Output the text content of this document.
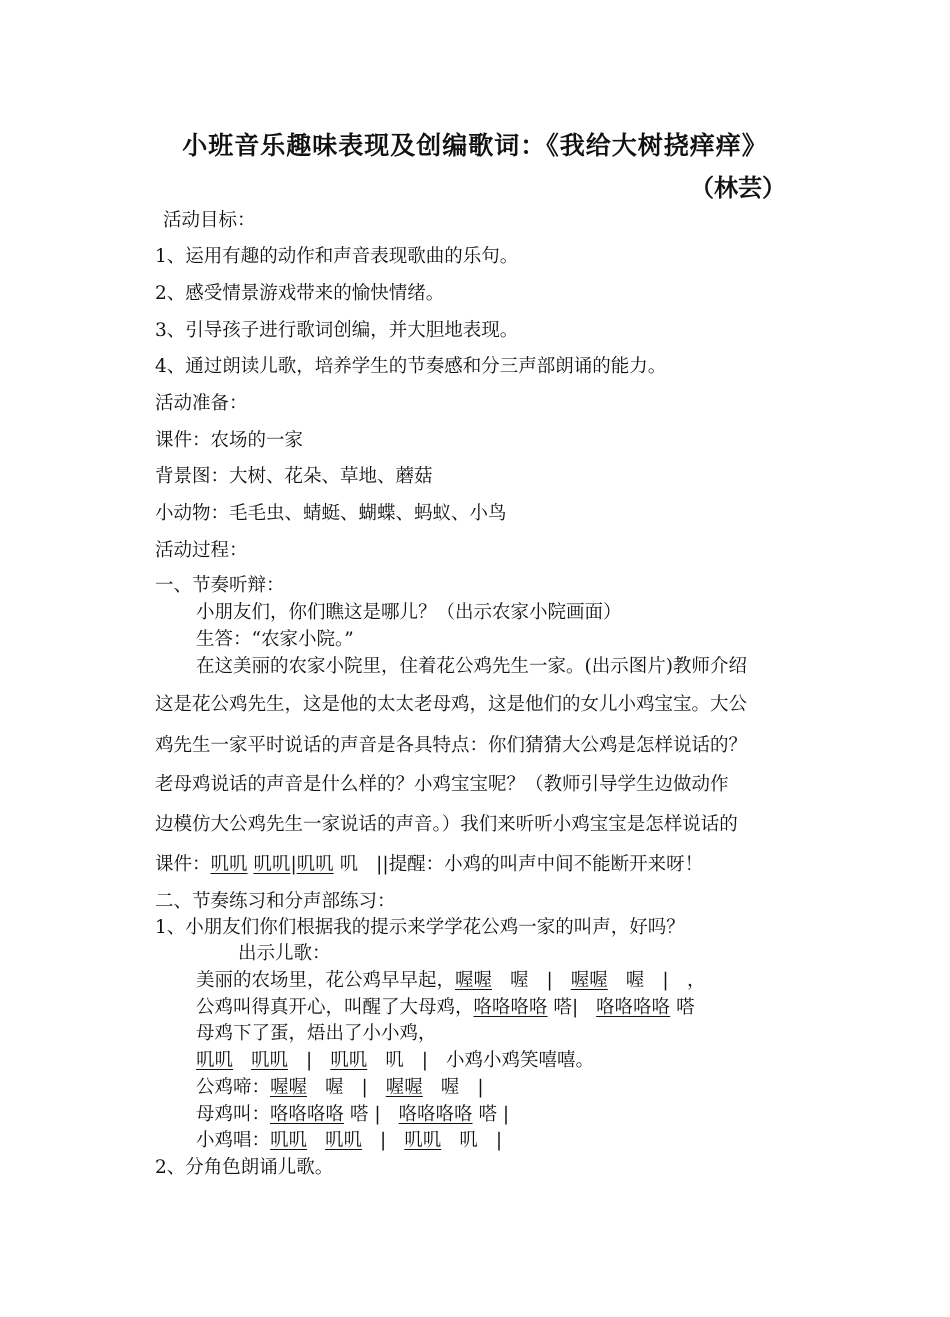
小班音乐趣味表现及创编歌词：《我给大树挠痒痒》
（林芸）
活动目标：
1、运用有趣的动作和声音表现歌曲的乐句。
2、感受情景游戏带来的愉快情绪。
3、引导孩子进行歌词创编，并大胆地表现。
4、通过朗读儿歌，培养学生的节奏感和分三声部朗诵的能力。
活动准备：
课件：农场的一家
背景图：大树、花朵、草地、蘑菇
小动物：毛毛虫、蜻蜓、蝴蝶、蚂蚁、小鸟
活动过程：
一、节奏听辩：
小朋友们，你们瞧这是哪儿？（出示农家小院画面）
生答：“农家小院。”
在这美丽的农家小院里，住着花公鸡先生一家。(出示图片)教师介绍
这是花公鸡先生，这是他的太太老母鸡，这是他们的女儿小鸡宝宝。大公
鸡先生一家平时说话的声音是各具特点：你们猜猜大公鸡是怎样说话的？
老母鸡说话的声音是什么样的？小鸡宝宝呢？（教师引导学生边做动作
边模仿大公鸡先生一家说话的声音。）我们来听听小鸡宝宝是怎样说话的
课件：叽叽 叽叽|叽叽 叽 ||提醒：小鸡的叫声中间不能断开来呀！
二、节奏练习和分声部练习：
1、小朋友们你们根据我的提示来学学花公鸡一家的叫声，好吗？
出示儿歌：
美丽的农场里，花公鸡早早起，喔喔 喔 | 喔喔 喔 |　，
公鸡叫得真开心，叫醒了大母鸡，咯咯咯咯 嗒| 咯咯咯咯 嗒
母鸡下了蛋，焐出了小小鸡，
叽叽 叽叽 | 叽叽 叽 | 小鸡小鸡笑嘻嘻。
公鸡啼：喔喔 喔 | 喔喔 喔 |
母鸡叫：咯咯咯咯 嗒 | 咯咯咯咯 嗒 |
小鸡唱：叽叽 叽叽 | 叽叽 叽 |
2、分角色朗诵儿歌。
